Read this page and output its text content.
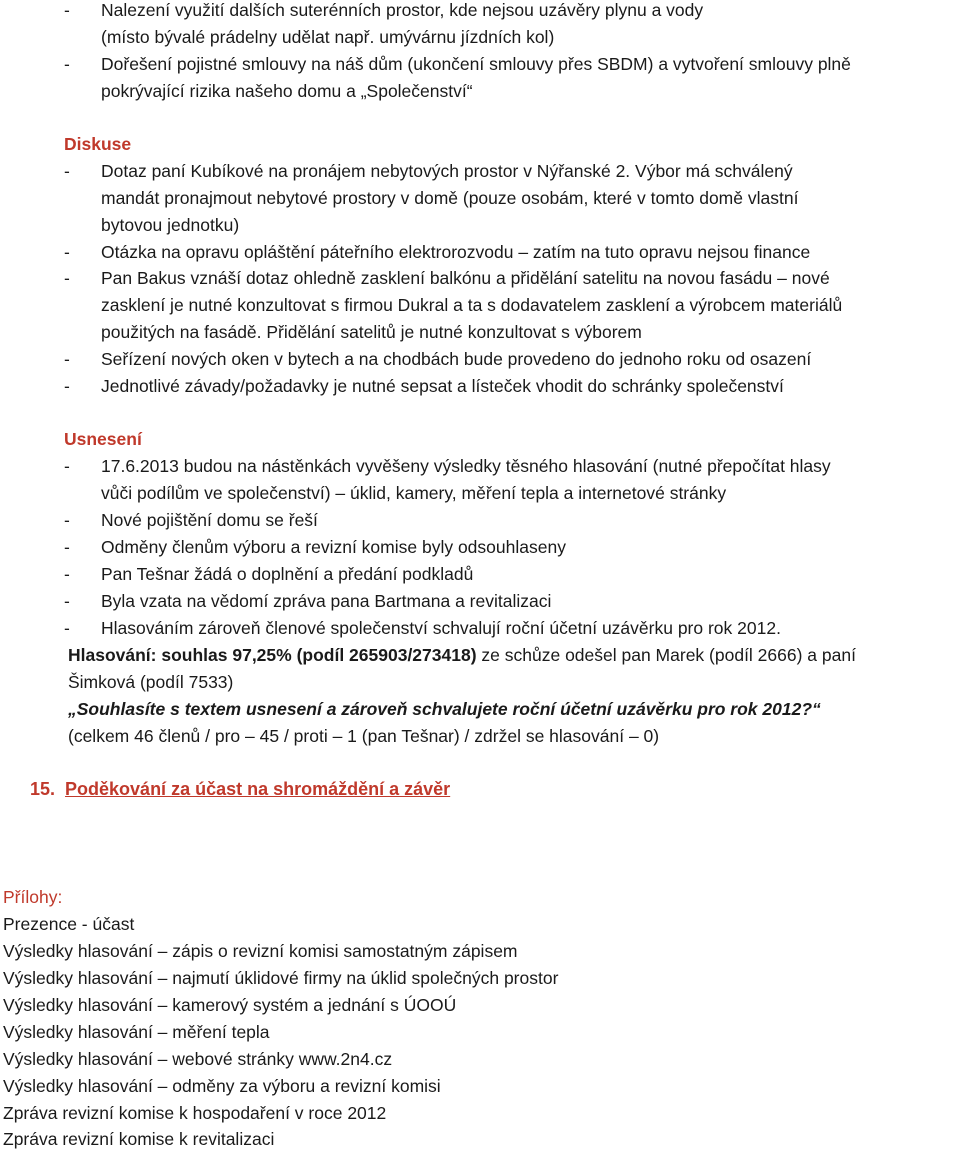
- Nalezení využití dalších suterénních prostor, kde nejsou uzávěry plynu a vody
(místo bývalé prádelny udělat např. umývárnu jízdních kol)
- Dořešení pojistné smlouvy na náš dům (ukončení smlouvy přes SBDM) a vytvoření smlouvy plně
pokrývající rizika našeho domu a „Společenství“
Diskuse
- Dotaz paní Kubíkové na pronájem nebytových prostor v Nýřanské 2. Výbor má schválený
mandát pronajmout nebytové prostory v domě (pouze osobám, které v tomto domě vlastní
bytovou jednotku)
- Otázka na opravu opláštění páteřního elektrorozvodu – zatím na tuto opravu nejsou finance
- Pan Bakus vznáší dotaz ohledně zasklení balkónu a přidělání satelitu na novou fasádu – nové
zasklení je nutné konzultovat s firmou Dukral a ta s dodavatelem zasklení a výrobcem materiálů
použitých na fasádě. Přidělání satelitů je nutné konzultovat s výborem
- Seřízení nových oken v bytech a na chodbách bude provedeno do jednoho roku od osazení
- Jednotlivé závady/požadavky je nutné sepsat a lísteček vhodit do schránky společenství
Usnesení
- 17.6.2013 budou na nástěnkách vyvěšeny výsledky těsného hlasování (nutné přepočítat hlasy
vůči podílům ve společenství) – úklid, kamery, měření tepla a internetové stránky
- Nové pojištění domu se řeší
- Odměny členům výboru a revizní komise byly odsouhlaseny
- Pan Tešnar žádá o doplnění a předání podkladů
- Byla vzata na vědomí zpráva pana Bartmana a revitalizaci
- Hlasováním zároveň členové společenství schvalují roční účetní uzávěrku pro rok 2012.
Hlasování: souhlas 97,25% (podíl 265903/273418) ze schůze odešel pan Marek (podíl 2666) a paní
Šimková (podíl 7533)
„Souhlasíte s textem usnesení a zároveň schvalujete roční účetní uzávěrku pro rok 2012?“
(celkem 46 členů / pro – 45 / proti – 1 (pan Tešnar) / zdržel se hlasování – 0)
15. Poděkování za účast na shromáždění a závěr
Přílohy:
Prezence - účast
Výsledky hlasování – zápis o revizní komisi samostatným zápisem
Výsledky hlasování – najmutí úklidové firmy na úklid společných prostor
Výsledky hlasování – kamerový systém a jednání s ÚOOÚ
Výsledky hlasování – měření tepla
Výsledky hlasování – webové stránky www.2n4.cz
Výsledky hlasování – odměny za výboru a revizní komisi
Zpráva revizní komise k hospodaření v roce 2012
Zpráva revizní komise k revitalizaci
